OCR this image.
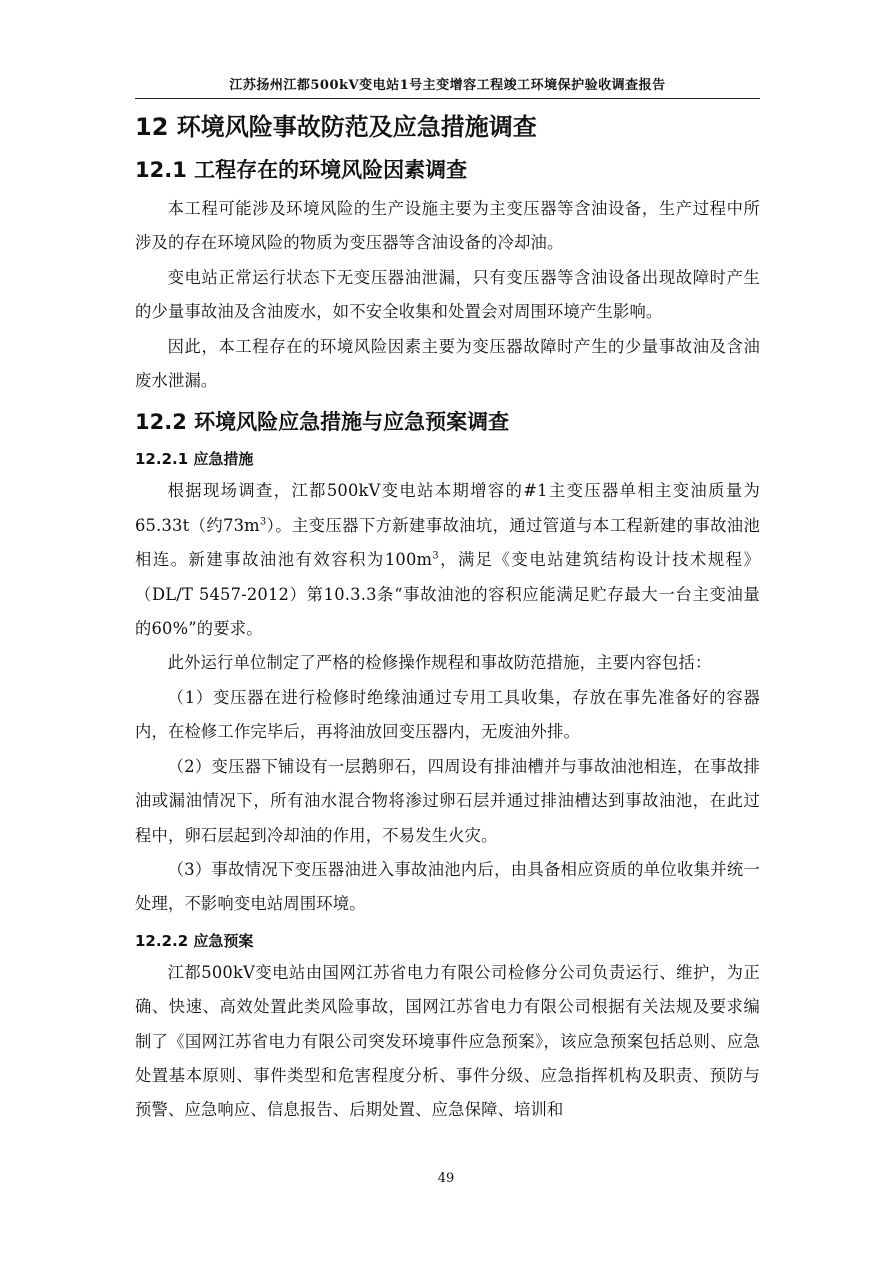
江苏扬州江都500kV变电站1号主变增容工程竣工环境保护验收调查报告
12 环境风险事故防范及应急措施调查
12.1 工程存在的环境风险因素调查

本工程可能涉及环境风险的生产设施主要为主变压器等含油设备，生产过程中所涉及的存在环境风险的物质为变压器等含油设备的冷却油。

变电站正常运行状态下无变压器油泄漏，只有变压器等含油设备出现故障时产生的少量事故油及含油废水，如不安全收集和处置会对周围环境产生影响。

因此，本工程存在的环境风险因素主要为变压器故障时产生的少量事故油及含油废水泄漏。

12.2 环境风险应急措施与应急预案调查
12.2.1 应急措施

根据现场调查，江都500kV变电站本期增容的#1主变压器单相主变油质量为65.33t（约$73m^3$）。主变压器下方新建事故油坑，通过管道与本工程新建的事故油池相连。新建事故油池有效容积为$100m^3$，满足《变电站建筑结构设计技术规程》（DL/T 5457-2012）第10.3.3条“事故油池的容积应能满足贮存最大一台主变油量的60%”的要求。

此外运行单位制定了严格的检修操作规程和事故防范措施，主要内容包括：

（1）变压器在进行检修时绝缘油通过专用工具收集，存放在事先准备好的容器内，在检修工作完毕后，再将油放回变压器内，无废油外排。

（2）变压器下铺设有一层鹅卵石，四周设有排油槽并与事故油池相连，在事故排油或漏油情况下，所有油水混合物将渗过卵石层并通过排油槽达到事故油池，在此过程中，卵石层起到冷却油的作用，不易发生火灾。

（3）事故情况下变压器油进入事故油池内后，由具备相应资质的单位收集并统一处理，不影响变电站周围环境。

12.2.2 应急预案

江都500kV变电站由国网江苏省电力有限公司检修分公司负责运行、维护，为正确、快速、高效处置此类风险事故，国网江苏省电力有限公司根据有关法规及要求编制了《国网江苏省电力有限公司突发环境事件应急预案》，该应急预案包括总则、应急处置基本原则、事件类型和危害程度分析、事件分级、应急指挥机构及职责、预防与预警、应急响应、信息报告、后期处置、应急保障、培训和

49
